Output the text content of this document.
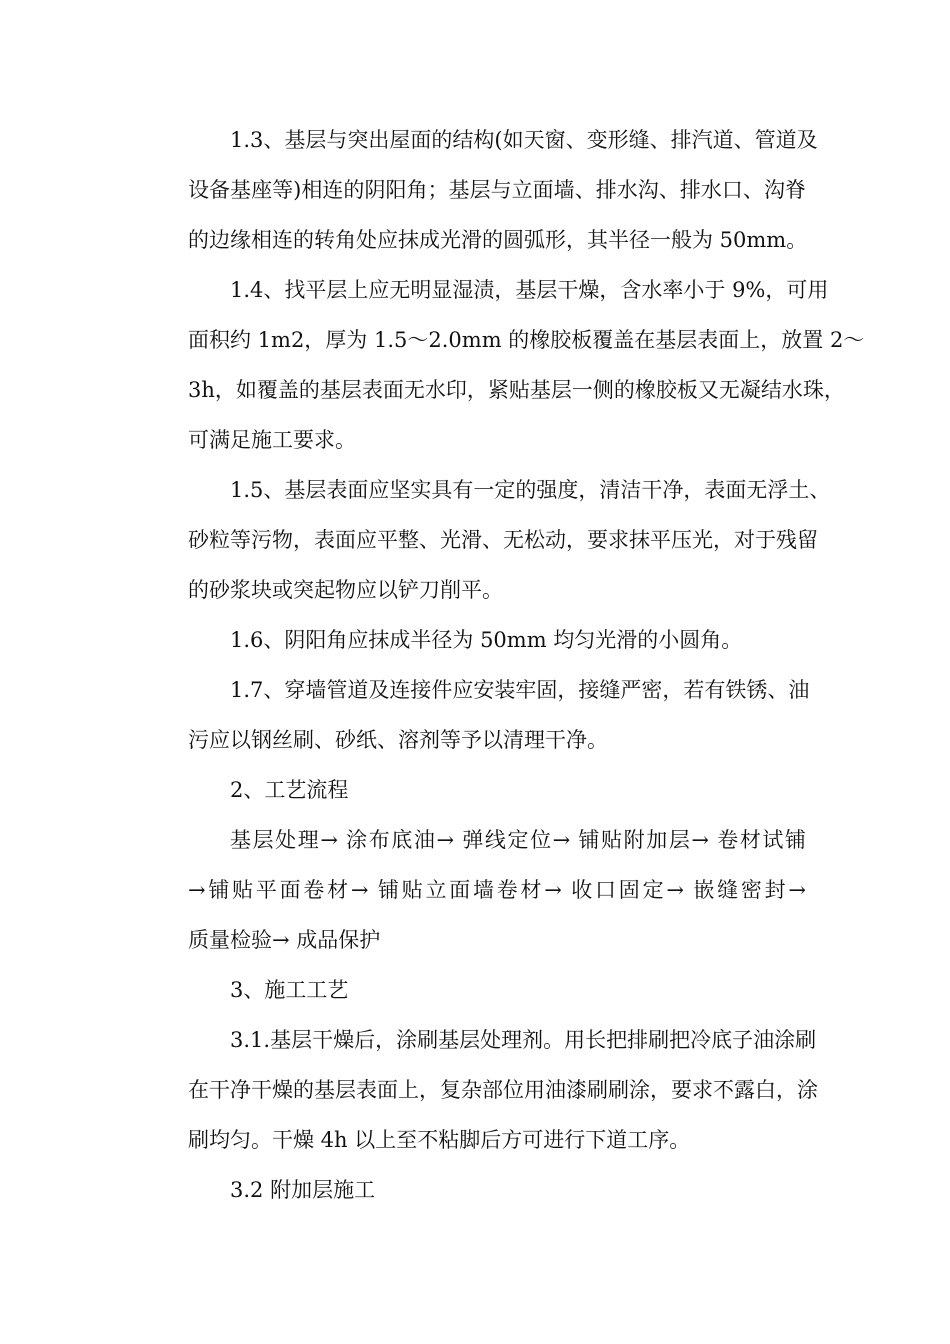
1.3、基层与突出屋面的结构(如天窗、变形缝、排汽道、管道及
设备基座等)相连的阴阳角；基层与立面墙、排水沟、排水口、沟脊
的边缘相连的转角处应抹成光滑的圆弧形，其半径一般为 50mm。
1.4、找平层上应无明显湿渍，基层干燥，含水率小于 9%，可用
面积约 1m2，厚为 1.5～2.0mm 的橡胶板覆盖在基层表面上，放置 2～
3h，如覆盖的基层表面无水印，紧贴基层一侧的橡胶板又无凝结水珠，
可满足施工要求。
1.5、基层表面应坚实具有一定的强度，清洁干净，表面无浮土、
砂粒等污物，表面应平整、光滑、无松动，要求抹平压光，对于残留
的砂浆块或突起物应以铲刀削平。
1.6、阴阳角应抹成半径为 50mm 均匀光滑的小圆角。
1.7、穿墙管道及连接件应安装牢固，接缝严密，若有铁锈、油
污应以钢丝刷、砂纸、溶剂等予以清理干净。
2、工艺流程
基层处理→ 涂布底油→ 弹线定位→ 铺贴附加层→ 卷材试铺
→铺贴平面卷材→ 铺贴立面墙卷材→ 收口固定→ 嵌缝密封→
质量检验→ 成品保护
3、施工工艺
3.1.基层干燥后，涂刷基层处理剂。用长把排刷把冷底子油涂刷
在干净干燥的基层表面上，复杂部位用油漆刷刷涂，要求不露白，涂
刷均匀。干燥 4h 以上至不粘脚后方可进行下道工序。
3.2 附加层施工
